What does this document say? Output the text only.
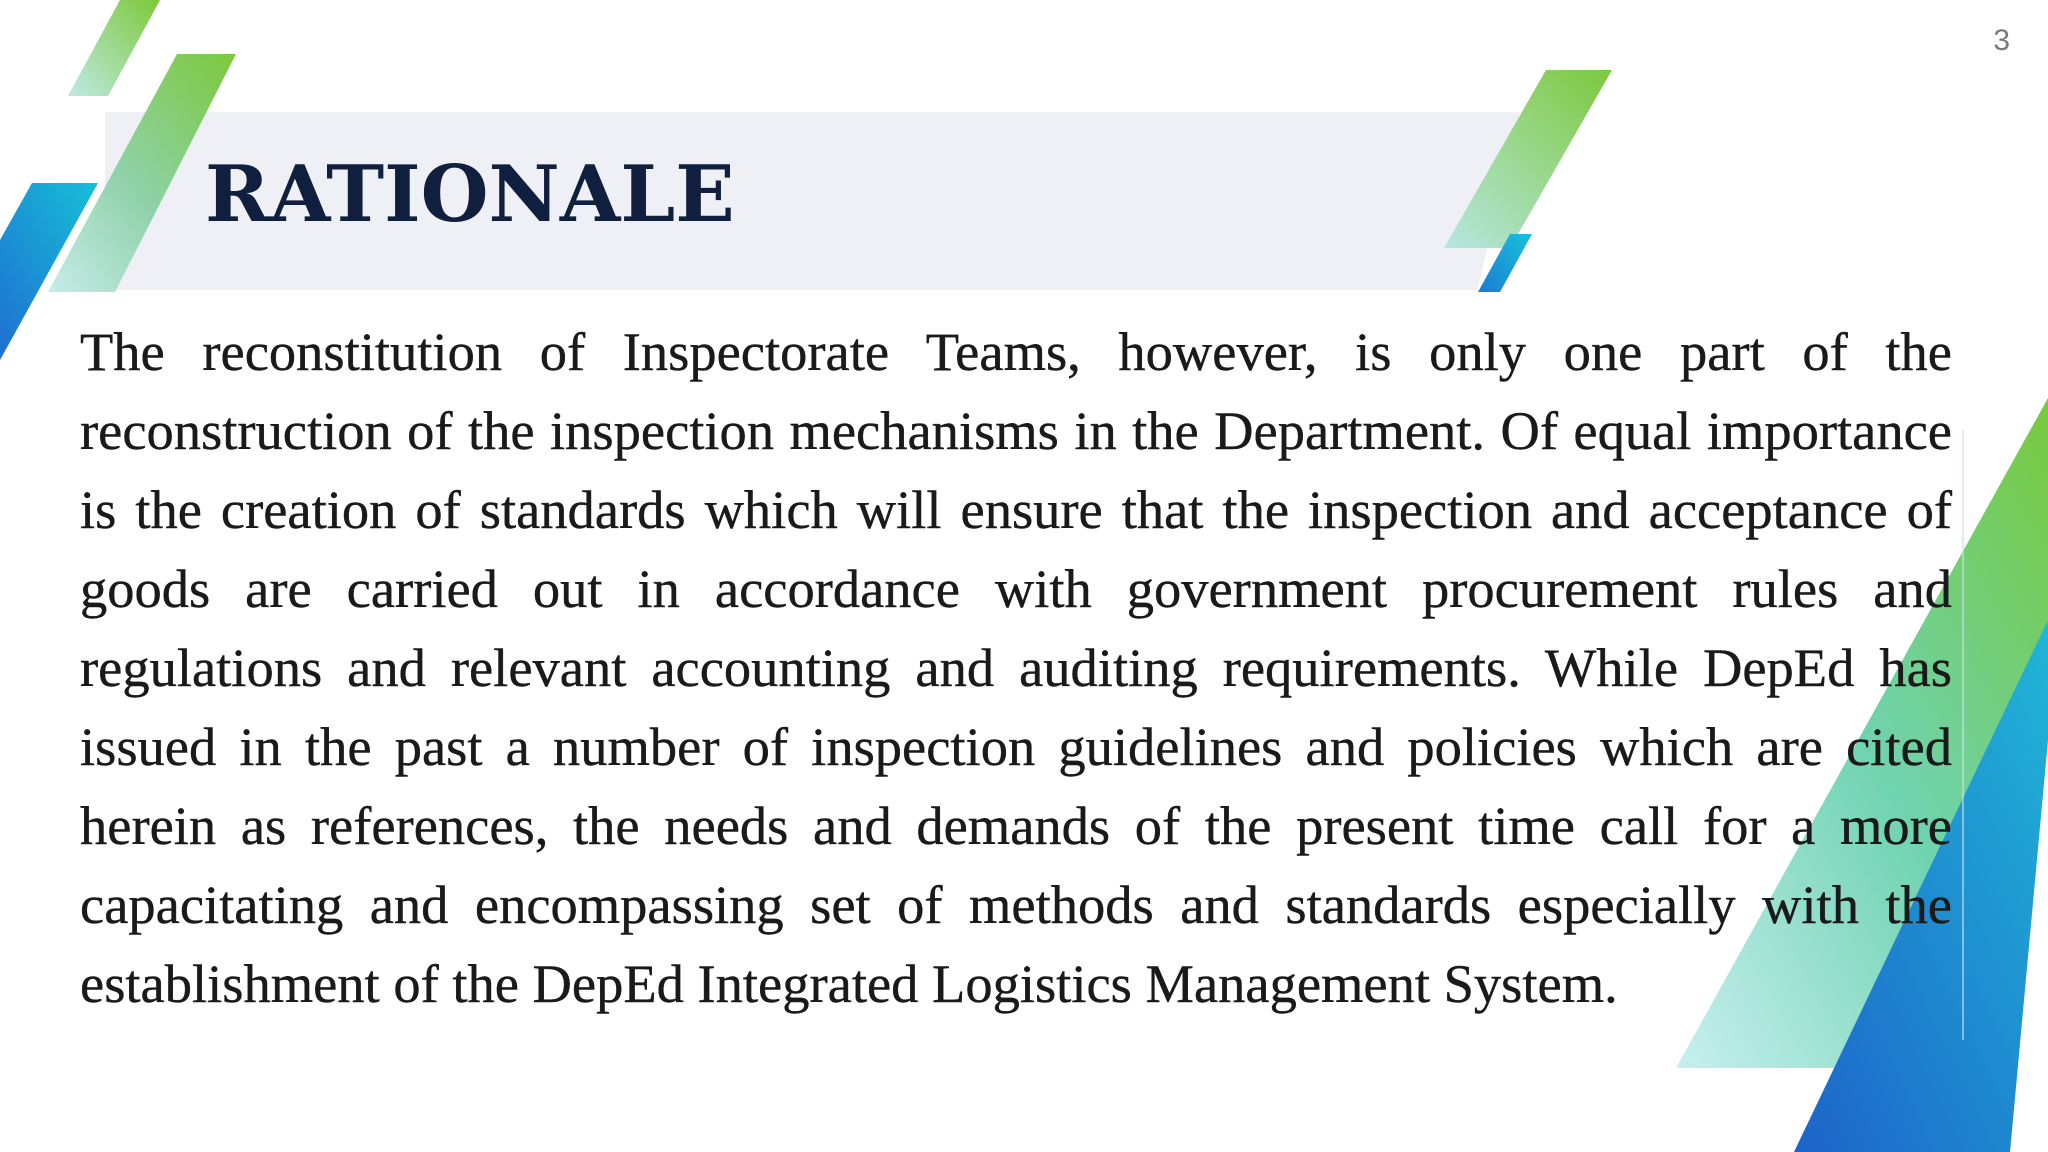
3
RATIONALE

The reconstitution of Inspectorate Teams, however, is only one part of the reconstruction of the inspection mechanisms in the Department. Of equal importance is the creation of standards which will ensure that the inspection and acceptance of goods are carried out in accordance with government procurement rules and regulations and relevant accounting and auditing requirements. While DepEd has issued in the past a number of inspection guidelines and policies which are cited herein as references, the needs and demands of the present time call for a more capacitating and encompassing set of methods and standards especially with the establishment of the DepEd Integrated Logistics Management System.
